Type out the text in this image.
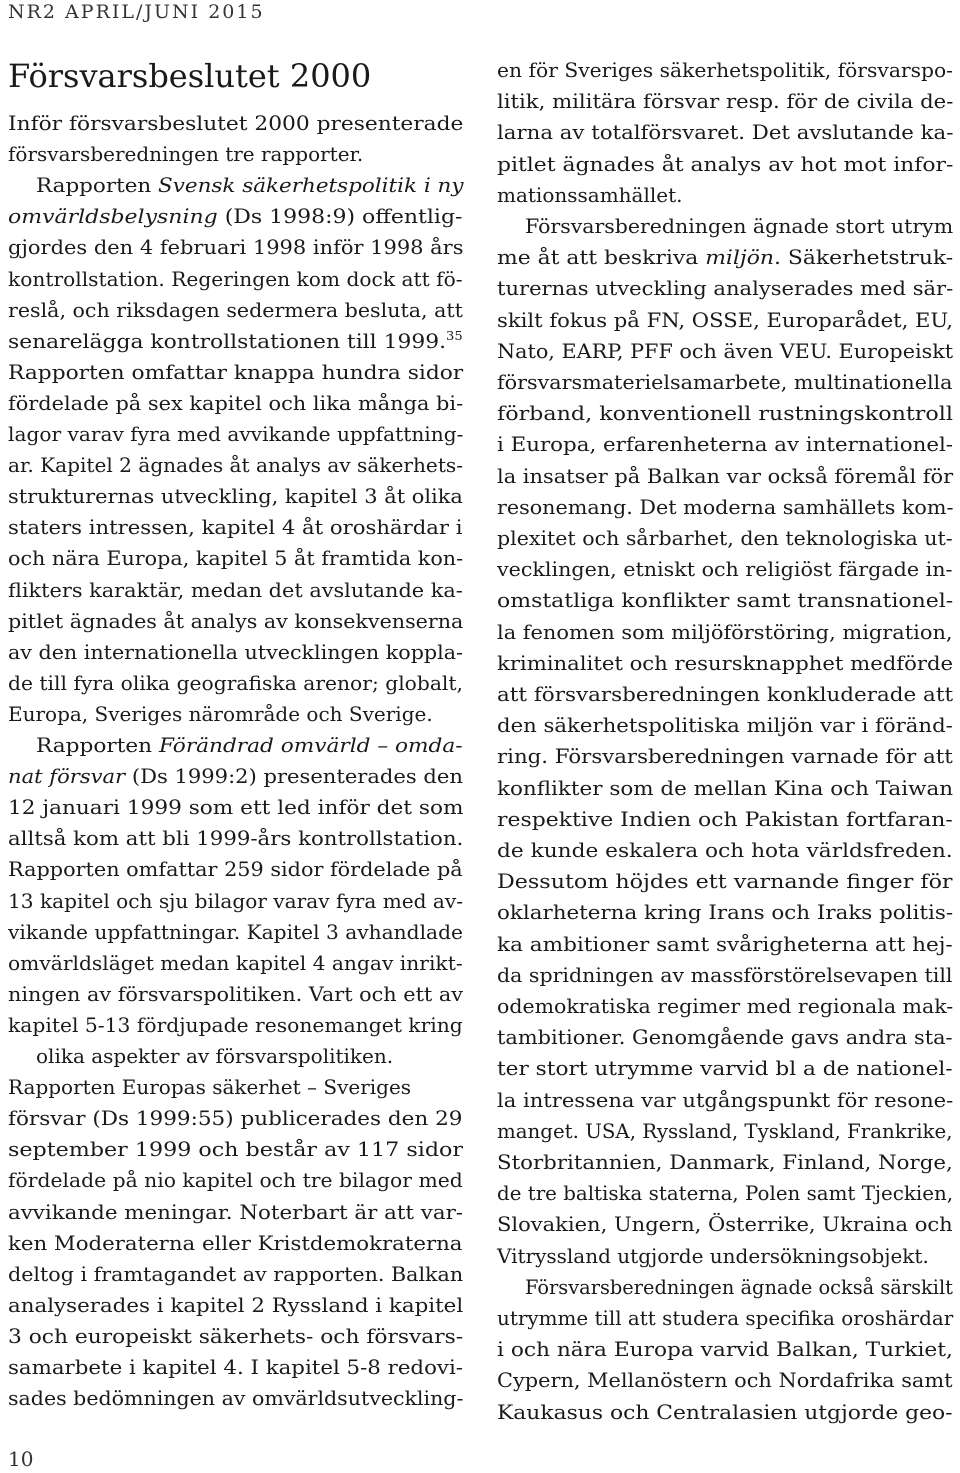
NR2 APRIL/JUNI 2015
Försvarsbeslutet 2000
Inför försvarsbeslutet 2000 presenterade
försvarsberedningen tre rapporter.
Rapporten Svensk säkerhetspolitik i ny
omvärldsbelysning (Ds 1998:9) offentlig-
gjordes den 4 februari 1998 inför 1998 års
kontrollstation. Regeringen kom dock att fö-
reslå, och riksdagen sedermera besluta, att
senarelägga kontrollstationen till 1999.35
Rapporten omfattar knappa hundra sidor
fördelade på sex kapitel och lika många bi-
lagor varav fyra med avvikande uppfattning-
ar. Kapitel 2 ägnades åt analys av säkerhets-
strukturernas utveckling, kapitel 3 åt olika
staters intressen, kapitel 4 åt oroshärdar i
och nära Europa, kapitel 5 åt framtida kon-
flikters karaktär, medan det avslutande ka-
pitlet ägnades åt analys av konsekvenserna
av den internationella utvecklingen koppla-
de till fyra olika geografiska arenor; globalt,
Europa, Sveriges närområde och Sverige.
Rapporten Förändrad omvärld – omda-
nat försvar (Ds 1999:2) presenterades den
12 januari 1999 som ett led inför det som
alltså kom att bli 1999-års kontrollstation.
Rapporten omfattar 259 sidor fördelade på
13 kapitel och sju bilagor varav fyra med av-
vikande uppfattningar. Kapitel 3 avhandlade
omvärldsläget medan kapitel 4 angav inrikt-
ningen av försvarspolitiken. Vart och ett av
kapitel 5-13 fördjupade resonemanget kring
olika aspekter av försvarspolitiken.
Rapporten Europas säkerhet – Sveriges
försvar (Ds 1999:55) publicerades den 29
september 1999 och består av 117 sidor
fördelade på nio kapitel och tre bilagor med
avvikande meningar. Noterbart är att var-
ken Moderaterna eller Kristdemokraterna
deltog i framtagandet av rapporten. Balkan
analyserades i kapitel 2 Ryssland i kapitel
3 och europeiskt säkerhets- och försvars-
samarbete i kapitel 4. I kapitel 5-8 redovi-
sades bedömningen av omvärldsutveckling-
en för Sveriges säkerhetspolitik, försvarspo-
litik, militära försvar resp. för de civila de-
larna av totalförsvaret. Det avslutande ka-
pitlet ägnades åt analys av hot mot infor-
mationssamhället.
Försvarsberedningen ägnade stort utrym
me åt att beskriva miljön. Säkerhetstruk-
turernas utveckling analyserades med sär-
skilt fokus på FN, OSSE, Europarådet, EU,
Nato, EARP, PFF och även VEU. Europeiskt
försvarsmaterielsamarbete, multinationella
förband, konventionell rustningskontroll
i Europa, erfarenheterna av internationel-
la insatser på Balkan var också föremål för
resonemang. Det moderna samhällets kom-
plexitet och sårbarhet, den teknologiska ut-
vecklingen, etniskt och religiöst färgade in-
omstatliga konflikter samt transnationel-
la fenomen som miljöförstöring, migration,
kriminalitet och resursknapphet medförde
att försvarsberedningen konkluderade att
den säkerhetspolitiska miljön var i föränd-
ring. Försvarsberedningen varnade för att
konflikter som de mellan Kina och Taiwan
respektive Indien och Pakistan fortfaran-
de kunde eskalera och hota världsfreden.
Dessutom höjdes ett varnande finger för
oklarheterna kring Irans och Iraks politis-
ka ambitioner samt svårigheterna att hej-
da spridningen av massförstörelsevapen till
odemokratiska regimer med regionala mak-
tambitioner. Genomgående gavs andra sta-
ter stort utrymme varvid bl a de nationel-
la intressena var utgångspunkt för resone-
manget. USA, Ryssland, Tyskland, Frankrike,
Storbritannien, Danmark, Finland, Norge,
de tre baltiska staterna, Polen samt Tjeckien,
Slovakien, Ungern, Österrike, Ukraina och
Vitryssland utgjorde undersökningsobjekt.
Försvarsberedningen ägnade också särskilt
utrymme till att studera specifika oroshärdar
i och nära Europa varvid Balkan, Turkiet,
Cypern, Mellanöstern och Nordafrika samt
Kaukasus och Centralasien utgjorde geo-
10
